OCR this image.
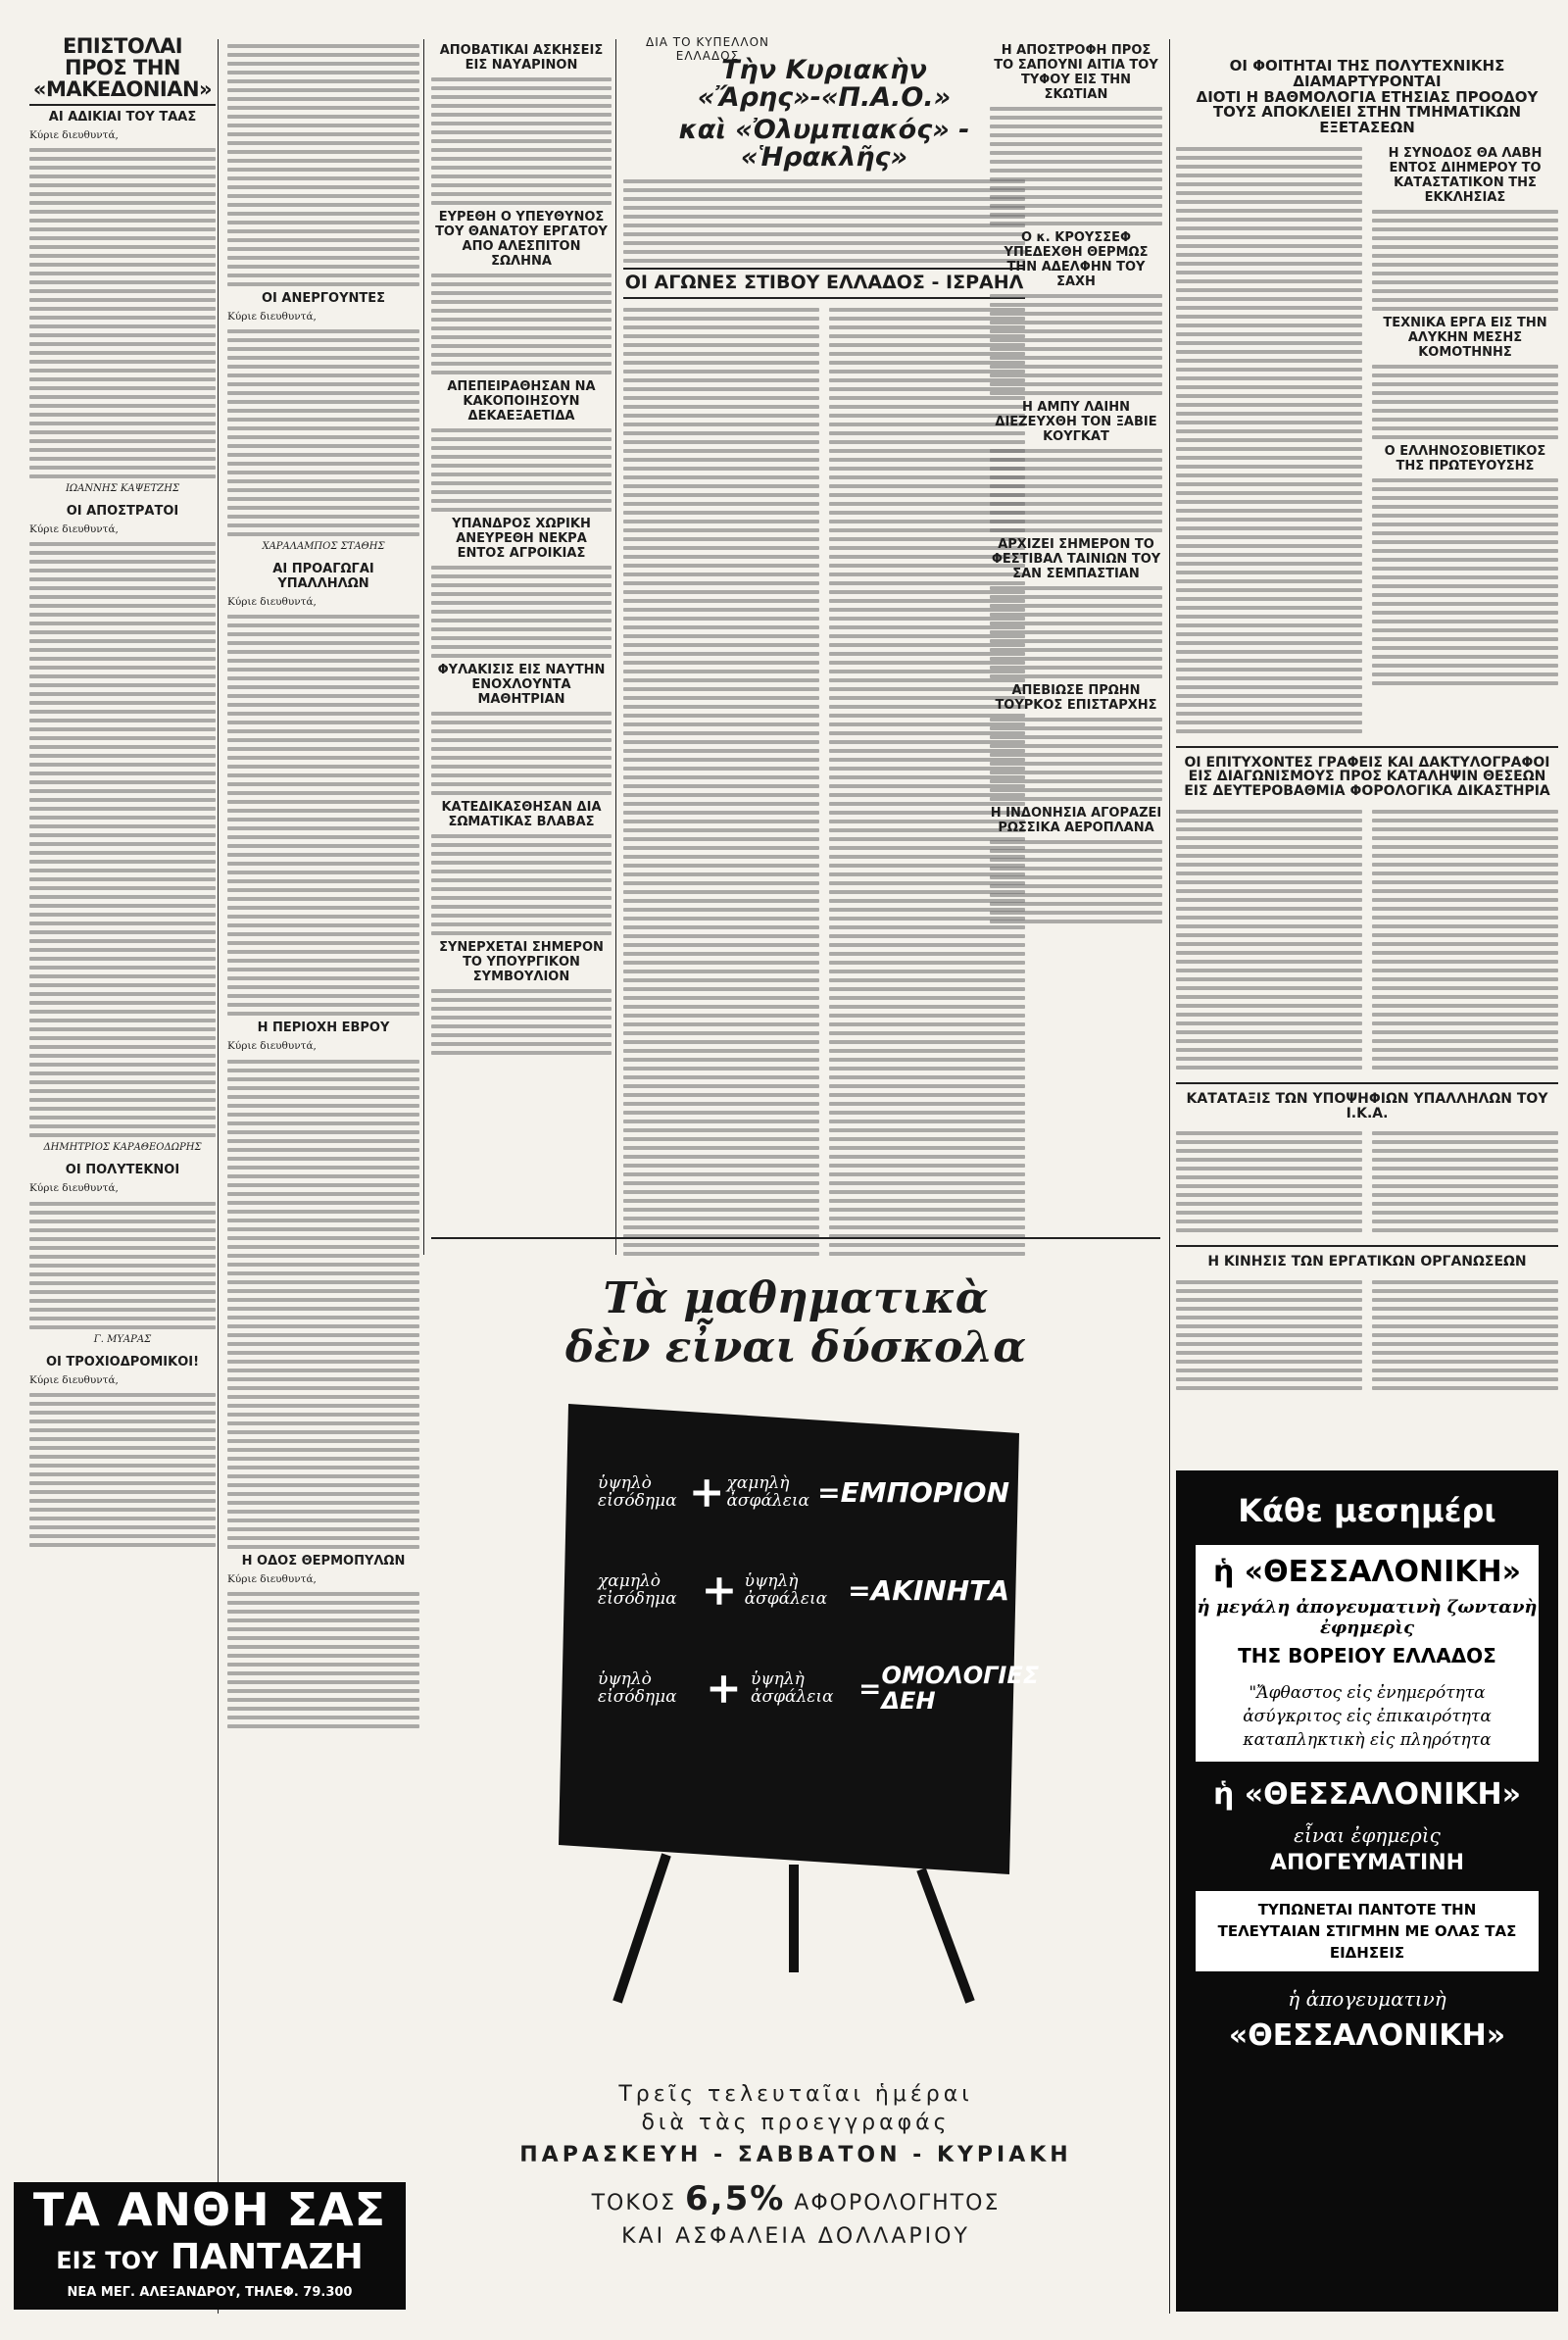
ΕΠΙΣΤΟΛΑΙ ΠΡΟΣ ΤΗΝ «ΜΑΚΕΔΟΝΙΑΝ»
ΑΙ ΑΔΙΚΙΑΙ ΤΟΥ ΤΑΑΣ

Κύριε διευθυντά,

ΙΩΑΝΝΗΣ ΚΑΨΕΤΖΗΣ

ΟΙ ΑΠΟΣΤΡΑΤΟΙ

Κύριε διευθυντά,

ΔΗΜΗΤΡΙΟΣ ΚΑΡΑΘΕΟΔΩΡΗΣ

ΟΙ ΠΟΛΥΤΕΚΝΟΙ

Κύριε διευθυντά,

Γ. ΜΥΑΡΑΣ

ΟΙ ΤΡΟΧΙΟΔΡΟΜΙΚΟΙ!

Κύριε διευθυντά,

ΤΑ ΑΝΘΗ ΣΑΣ
ΕΙΣ ΤΟΥ ΠΑΝΤΑΖΗ
ΝΕΑ ΜΕΓ. ΑΛΕΞΑΝΔΡΟΥ, ΤΗΛΕΦ. 79.300
ΟΙ ΑΝΕΡΓΟΥΝΤΕΣ

Κύριε διευθυντά,

ΧΑΡΑΛΑΜΠΟΣ ΣΤΑΘΗΣ

ΑΙ ΠΡΟΑΓΩΓΑΙ ΥΠΑΛΛΗΛΩΝ

Κύριε διευθυντά,

Η ΠΕΡΙΟΧΗ ΕΒΡΟΥ

Κύριε διευθυντά,

Η ΟΔΟΣ ΘΕΡΜΟΠΥΛΩΝ

Κύριε διευθυντά,

ΑΠΟΒΑΤΙΚΑΙ ΑΣΚΗΣΕΙΣ ΕΙΣ ΝΑΥΑΡΙΝΟΝ
ΕΥΡΕΘΗ Ο ΥΠΕΥΘΥΝΟΣ ΤΟΥ ΘΑΝΑΤΟΥ ΕΡΓΑΤΟΥ ΑΠΟ ΑΛΕΣΠΙΤΟΝ ΣΩΛΗΝΑ
ΑΠΕΠΕΙΡΑΘΗΣΑΝ ΝΑ ΚΑΚΟΠΟΙΗΣΟΥΝ ΔΕΚΑΕΞΑΕΤΙΔΑ
ΥΠΑΝΔΡΟΣ ΧΩΡΙΚΗ ΑΝΕΥΡΕΘΗ ΝΕΚΡΑ ΕΝΤΟΣ ΑΓΡΟΙΚΙΑΣ
ΦΥΛΑΚΙΣΙΣ ΕΙΣ ΝΑΥΤΗΝ ΕΝΟΧΛΟΥΝΤΑ ΜΑΘΗΤΡΙΑΝ
ΚΑΤΕΔΙΚΑΣΘΗΣΑΝ ΔΙΑ ΣΩΜΑΤΙΚΑΣ ΒΛΑΒΑΣ
ΣΥΝΕΡΧΕΤΑΙ ΣΗΜΕΡΟΝ ΤΟ ΥΠΟΥΡΓΙΚΟΝ ΣΥΜΒΟΥΛΙΟΝ
ΔΙΑ ΤΟ ΚΥΠΕΛΛΟΝ ΕΛΛΑΔΟΣ
Τὴν Κυριακὴν «Ἄρης»-«Π.Α.Ο.»
καὶ «Ὀλυμπιακός» - «Ἡρακλῆς»
ΟΙ ΑΓΩΝΕΣ ΣΤΙΒΟΥ ΕΛΛΑΔΟΣ - ΙΣΡΑΗΛ
Η ΑΠΟΣΤΡΟΦΗ ΠΡΟΣ ΤΟ ΣΑΠΟΥΝΙ ΑΙΤΙΑ ΤΟΥ ΤΥΦΟΥ ΕΙΣ ΤΗΝ ΣΚΩΤΙΑΝ
Ο κ. ΚΡΟΥΣΣΕΦ ΥΠΕΔΕΧΘΗ ΘΕΡΜΩΣ ΤΗΝ ΑΔΕΛΦΗΝ ΤΟΥ ΣΑΧΗ
Η ΑΜΠΥ ΛΑΙΗΝ ΔΙΕΖΕΥΧΘΗ ΤΟΝ ΞΑΒΙΕ ΚΟΥΓΚΑΤ
ΑΡΧΙΖΕΙ ΣΗΜΕΡΟΝ ΤΟ ΦΕΣΤΙΒΑΛ ΤΑΙΝΙΩΝ ΤΟΥ ΣΑΝ ΣΕΜΠΑΣΤΙΑΝ
ΑΠΕΒΙΩΣΕ ΠΡΩΗΝ ΤΟΥΡΚΟΣ ΕΠΙΣΤΑΡΧΗΣ
Η ΙΝΔΟΝΗΣΙΑ ΑΓΟΡΑΖΕΙ ΡΩΣΣΙΚΑ ΑΕΡΟΠΛΑΝΑ
Τὰ μαθηματικὰ
δὲν εἶναι δύσκολα
ὑψηλὸ εἰσόδημα + χαμηλὴ ἀσφάλεια = ΕΜΠΟΡΙΟΝ
χαμηλὸ εἰσόδημα + ὑψηλὴ ἀσφάλεια = ΑΚΙΝΗΤΑ
ὑψηλὸ εἰσόδημα + ὑψηλὴ ἀσφάλεια = ΟΜΟΛΟΓΙΕΣ ΔΕΗ
Τρεῖς τελευταῖαι ἡμέραι
διὰ τὰς προεγγραφάς
ΠΑΡΑΣΚΕΥΗ - ΣΑΒΒΑΤΟΝ - ΚΥΡΙΑΚΗ
ΤΟΚΟΣ 6,5% ΑΦΟΡΟΛΟΓΗΤΟΣ
ΚΑΙ ΑΣΦΑΛΕΙΑ ΔΟΛΛΑΡΙΟΥ
ΟΙ ΦΟΙΤΗΤΑΙ ΤΗΣ ΠΟΛΥΤΕΧΝΙΚΗΣ ΔΙΑΜΑΡΤΥΡΟΝΤΑΙ
ΔΙΟΤΙ Η ΒΑΘΜΟΛΟΓΙΑ ΕΤΗΣΙΑΣ ΠΡΟΟΔΟΥ
ΤΟΥΣ ΑΠΟΚΛΕΙΕΙ ΣΤΗΝ ΤΜΗΜΑΤΙΚΩΝ ΕΞΕΤΑΣΕΩΝ
Η ΣΥΝΟΔΟΣ ΘΑ ΛΑΒΗ ΕΝΤΟΣ ΔΙΗΜΕΡΟΥ ΤΟ ΚΑΤΑΣΤΑΤΙΚΟΝ ΤΗΣ ΕΚΚΛΗΣΙΑΣ
ΤΕΧΝΙΚΑ ΕΡΓΑ ΕΙΣ ΤΗΝ ΑΛΥΚΗΝ ΜΕΣΗΣ ΚΟΜΟΤΗΝΗΣ
Ο ΕΛΛΗΝΟΣΟΒΙΕΤΙΚΟΣ ΤΗΣ ΠΡΩΤΕΥΟΥΣΗΣ
ΟΙ ΕΠΙΤΥΧΟΝΤΕΣ ΓΡΑΦΕΙΣ ΚΑΙ ΔΑΚΤΥΛΟΓΡΑΦΟΙ ΕΙΣ ΔΙΑΓΩΝΙΣΜΟΥΣ ΠΡΟΣ ΚΑΤΑΛΗΨΙΝ ΘΕΣΕΩΝ ΕΙΣ ΔΕΥΤΕΡΟΒΑΘΜΙΑ ΦΟΡΟΛΟΓΙΚΑ ΔΙΚΑΣΤΗΡΙΑ
ΚΑΤΑΤΑΞΙΣ ΤΩΝ ΥΠΟΨΗΦΙΩΝ ΥΠΑΛΛΗΛΩΝ ΤΟΥ Ι.Κ.Α.
Η ΚΙΝΗΣΙΣ ΤΩΝ ΕΡΓΑΤΙΚΩΝ ΟΡΓΑΝΩΣΕΩΝ
Κάθε μεσημέρι
ἡ «ΘΕΣΣΑΛΟΝΙΚΗ»
ἡ μεγάλη ἀπογευματινὴ ζωντανὴ ἐφημερὶς
ΤΗΣ ΒΟΡΕΙΟΥ ΕΛΛΑΔΟΣ
"Ἄφθαστος εἰς ἐνημερότητα ἀσύγκριτος εἰς ἐπικαιρότητα καταπληκτικὴ εἰς πληρότητα
ἡ «ΘΕΣΣΑΛΟΝΙΚΗ»
εἶναι ἐφημερὶς
ΑΠΟΓΕΥΜΑΤΙΝΗ
ΤΥΠΩΝΕΤΑΙ ΠΑΝΤΟΤΕ ΤΗΝ ΤΕΛΕΥΤΑΙΑΝ ΣΤΙΓΜΗΝ ΜΕ ΟΛΑΣ ΤΑΣ ΕΙΔΗΣΕΙΣ
ἡ ἀπογευματινὴ
«ΘΕΣΣΑΛΟΝΙΚΗ»
